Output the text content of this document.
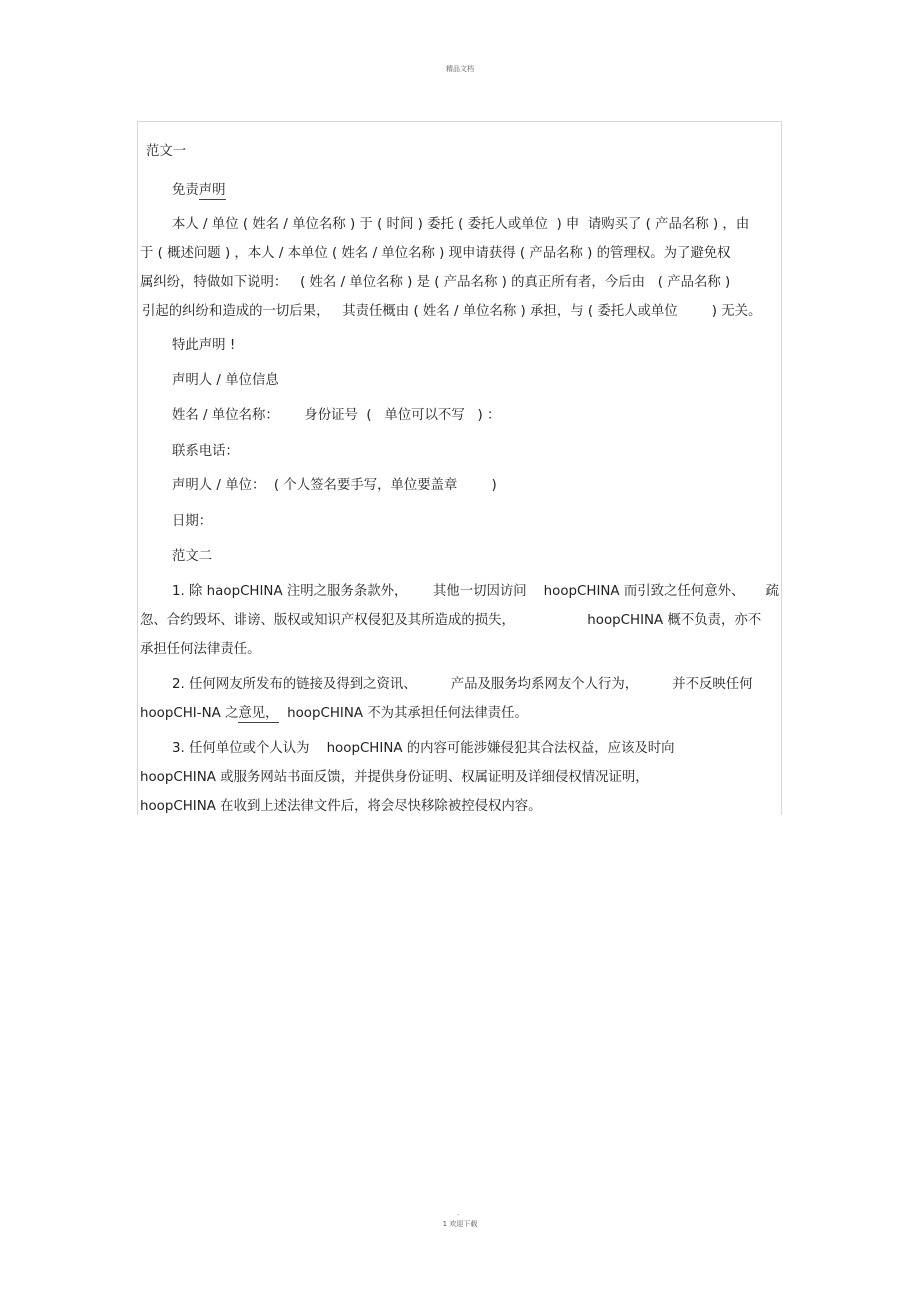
精品文档
范文一
免责声明
本人 / 单位 ( 姓名 / 单位名称 ) 于 ( 时间 ) 委托 ( 委托人或单位  ) 申  请购买了 ( 产品名称 ) ，由
于 ( 概述问题 ) ，本人 / 本单位 ( 姓名 / 单位名称 ) 现申请获得 ( 产品名称 ) 的管理权。为了避免权
属纠纷，特做如下说明：   ( 姓名 / 单位名称 ) 是 ( 产品名称 ) 的真正所有者，今后由   ( 产品名称 )
引起的纠纷和造成的一切后果，   其责任概由 ( 姓名 / 单位名称 ) 承担，与 ( 委托人或单位        ) 无关。
特此声明 !
声明人 / 单位信息
姓名 / 单位名称：      身份证号  (   单位可以不写   ) ：
联系电话：
声明人 / 单位：  ( 个人签名要手写，单位要盖章        )
日期：
范文二
1. 除 haopCHINA 注明之服务条款外，      其他一切因访问    hoopCHINA 而引致之任何意外、     疏
忽、合约毁坏、诽谤、版权或知识产权侵犯及其所造成的损失，                 hoopCHINA 概不负责，亦不
承担任何法律责任。
2. 任何网友所发布的链接及得到之资讯、        产品及服务均系网友个人行为，        并不反映任何
hoopCHI-NA 之意见，  hoopCHINA 不为其承担任何法律责任。
3. 任何单位或个人认为    hoopCHINA 的内容可能涉嫌侵犯其合法权益，应该及时向
hoopCHINA 或服务网站书面反馈，并提供身份证明、权属证明及详细侵权情况证明，
hoopCHINA 在收到上述法律文件后，将会尽快移除被控侵权内容。
.
1 欢迎下载
